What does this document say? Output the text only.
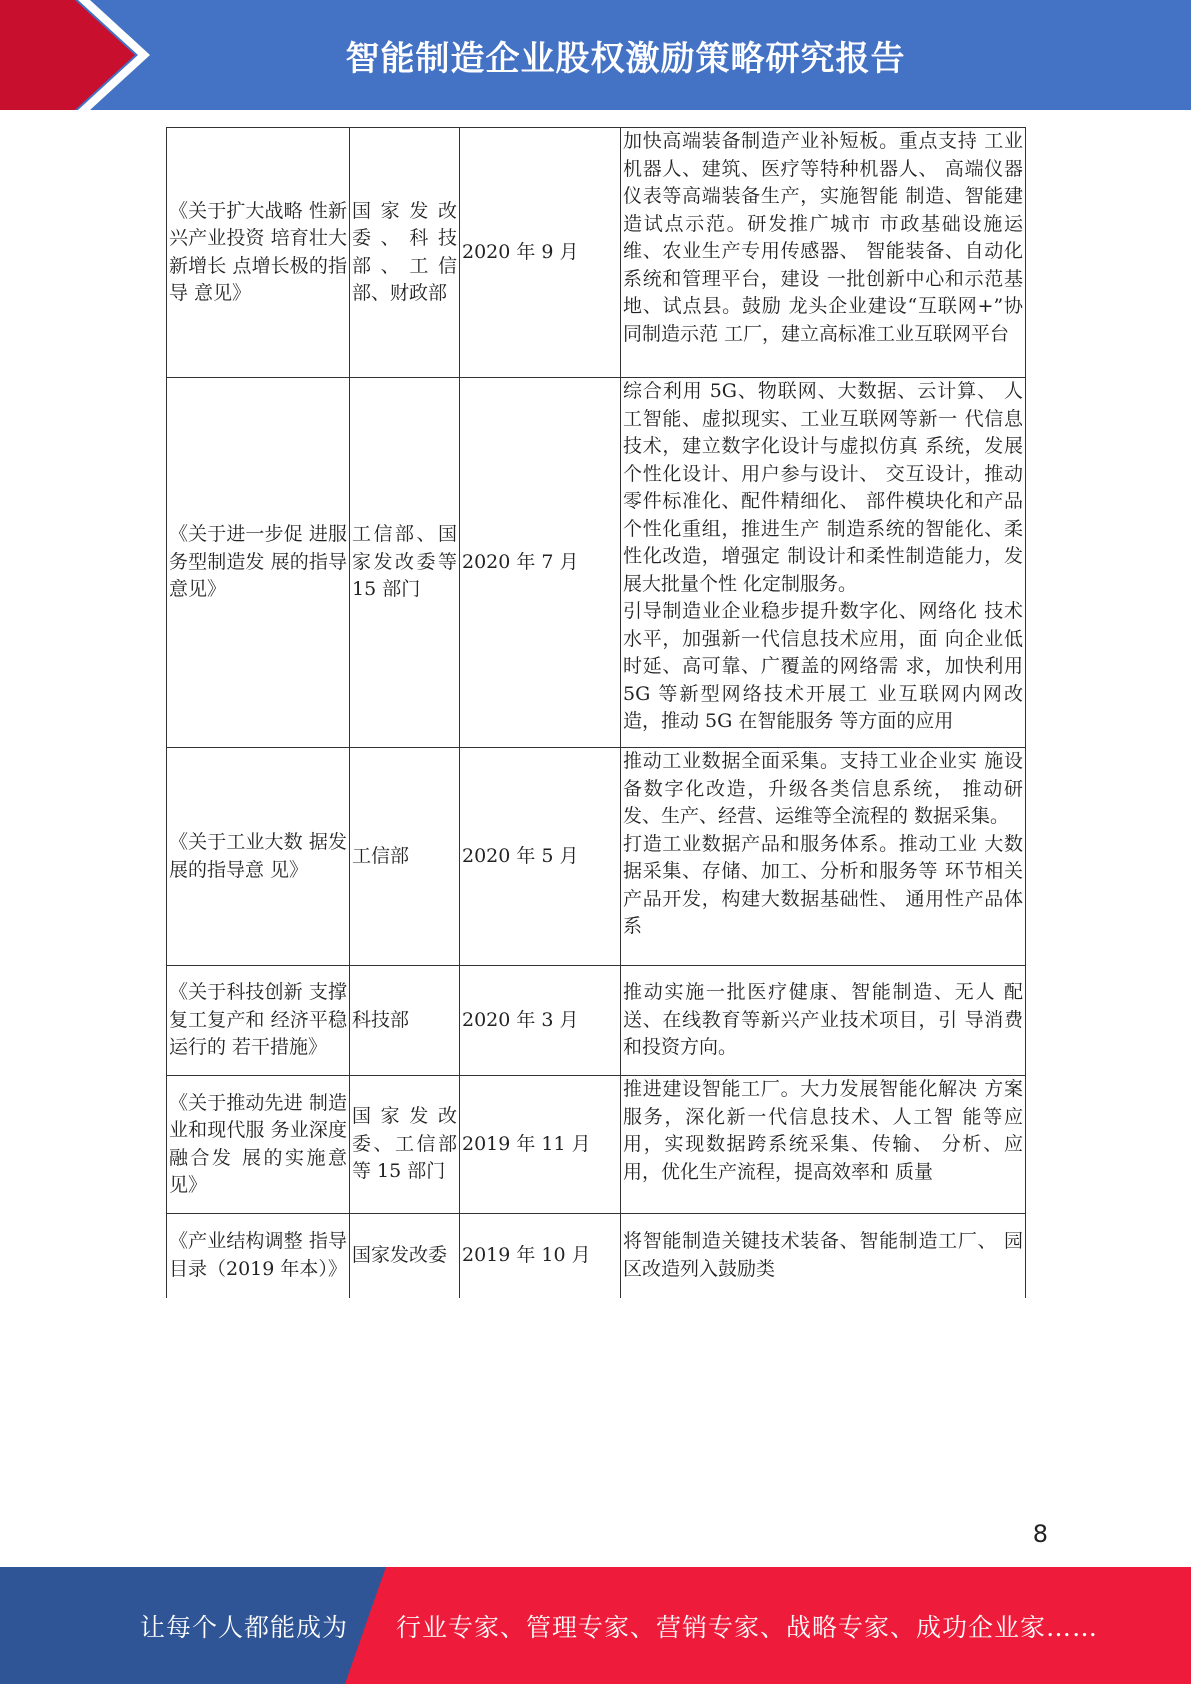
智能制造企业股权激励策略研究报告
《关于扩大战略 性新兴产业投资 培育壮大新增长 点增长极的指导 意见》	国家发改委、科技部、工信部、财政部	2020 年 9 月	加快高端装备制造产业补短板。重点支持 工业机器人、建筑、医疗等特种机器人、 高端仪器仪表等高端装备生产，实施智能 制造、智能建造试点示范。研发推广城市 市政基础设施运维、农业生产专用传感器、 智能装备、自动化系统和管理平台，建设 一批创新中心和示范基地、试点县。鼓励 龙头企业建设“互联网+”协同制造示范 工厂，建立高标准工业互联网平台

《关于进一步促 进服务型制造发 展的指导意见》	工信部、国家发改委等 15 部门	2020 年 7 月	综合利用 5G、物联网、大数据、云计算、 人工智能、虚拟现实、工业互联网等新一 代信息技术，建立数字化设计与虚拟仿真 系统，发展个性化设计、用户参与设计、 交互设计，推动零件标准化、配件精细化、 部件模块化和产品个性化重组，推进生产 制造系统的智能化、柔性化改造，增强定 制设计和柔性制造能力，发展大批量个性 化定制服务。
引导制造业企业稳步提升数字化、网络化 技术水平，加强新一代信息技术应用，面 向企业低时延、高可靠、广覆盖的网络需 求，加快利用 5G 等新型网络技术开展工 业互联网内网改造，推动 5G 在智能服务 等方面的应用

《关于工业大数 据发展的指导意 见》	工信部	2020 年 5 月	推动工业数据全面采集。支持工业企业实 施设备数字化改造，升级各类信息系统， 推动研发、生产、经营、运维等全流程的 数据采集。
打造工业数据产品和服务体系。推动工业 大数据采集、存储、加工、分析和服务等 环节相关产品开发，构建大数据基础性、 通用性产品体系

《关于科技创新 支撑复工复产和 经济平稳运行的 若干措施》	科技部	2020 年 3 月	推动实施一批医疗健康、智能制造、无人 配送、在线教育等新兴产业技术项目，引 导消费和投资方向。

《关于推动先进 制造业和现代服 务业深度融合发 展的实施意见》	国家发改委、工信部等 15 部门	2019 年 11 月	推进建设智能工厂。大力发展智能化解决 方案服务，深化新一代信息技术、人工智 能等应用，实现数据跨系统采集、传输、 分析、应用，优化生产流程，提高效率和 质量

《产业结构调整 指导目录（2019 年本）》	国家发改委	2019 年 10 月	将智能制造关键技术装备、智能制造工厂、 园区改造列入鼓励类
8
让每个人都能成为 行业专家、管理专家、营销专家、战略专家、成功企业家……
